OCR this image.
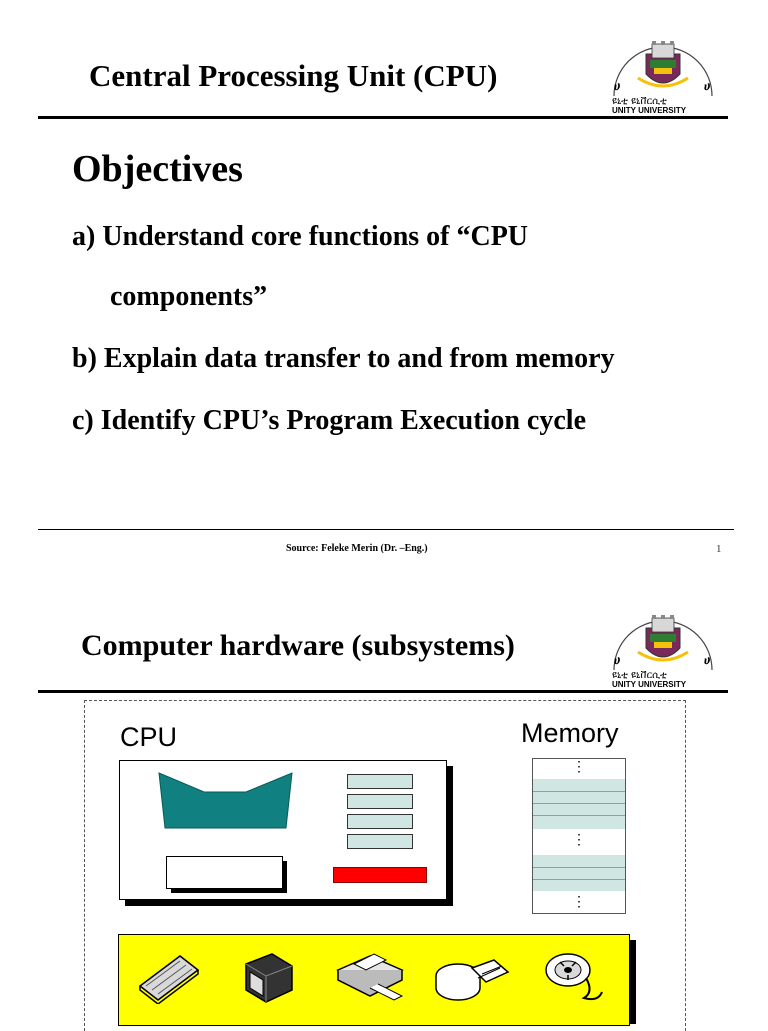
Central Processing Unit (CPU)	ሀ	ሀ
ዩኒቲ ዩኒቨርሲቲ
UNITY UNIVERSITY
Objectives
a) Understand core functions of “CPU
components”
b) Explain data transfer to and from memory
c) Identify CPU’s Program Execution cycle
Source: Feleke Merin (Dr. –Eng.)	1
Computer hardware (subsystems)	ሀ	ሀ
ዩኒቲ ዩኒቨርሲቲ
UNITY UNIVERSITY
CPU	Memory
⋮
⋮
⋮
